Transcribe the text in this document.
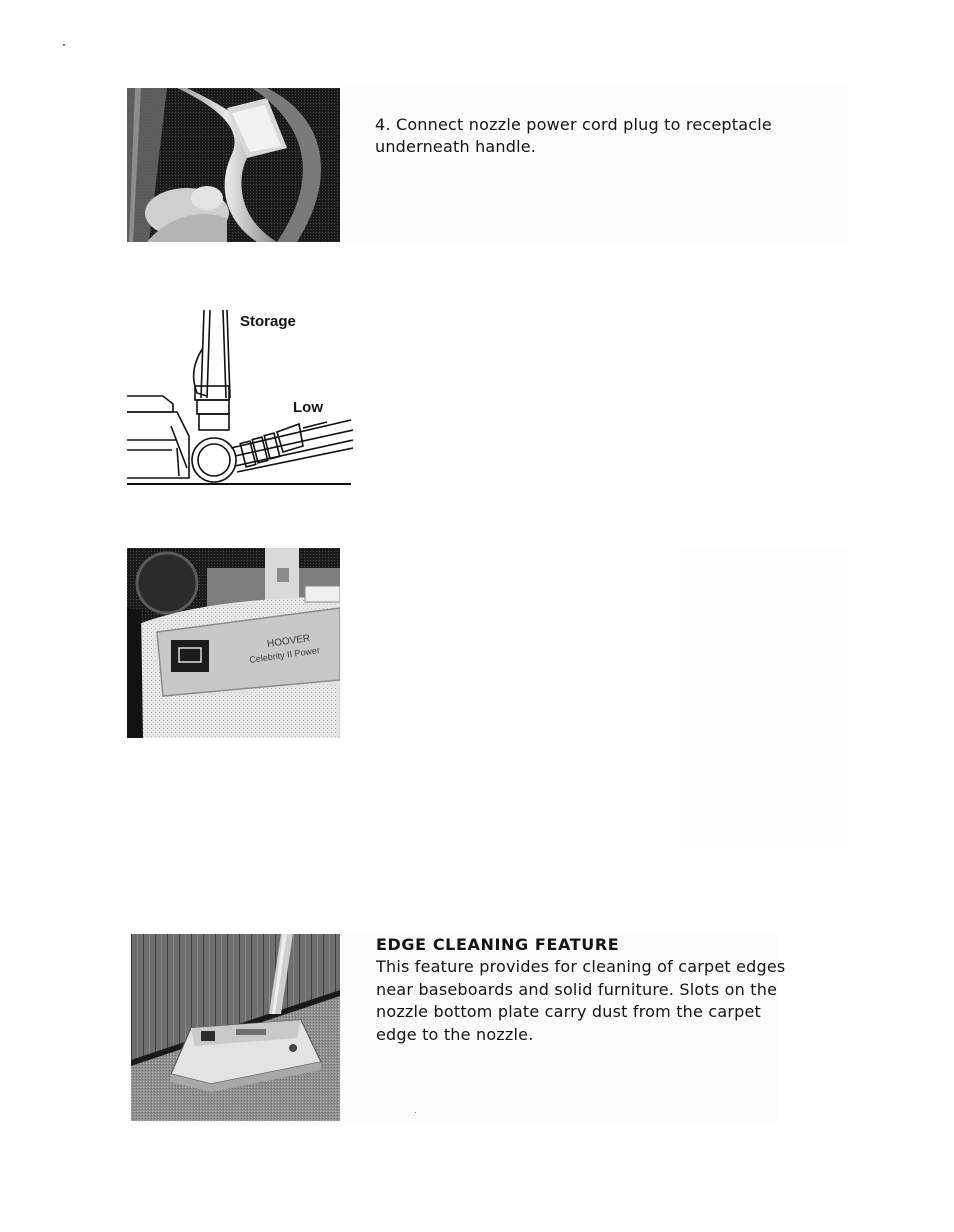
4. Connect nozzle power cord plug to receptacle
underneath handle.
Storage
Low
HOOVER
Celebrity II Power
EDGE CLEANING FEATURE
This feature provides for cleaning of carpet edges
near baseboards and solid furniture. Slots on the
nozzle bottom plate carry dust from the carpet
edge to the nozzle.
